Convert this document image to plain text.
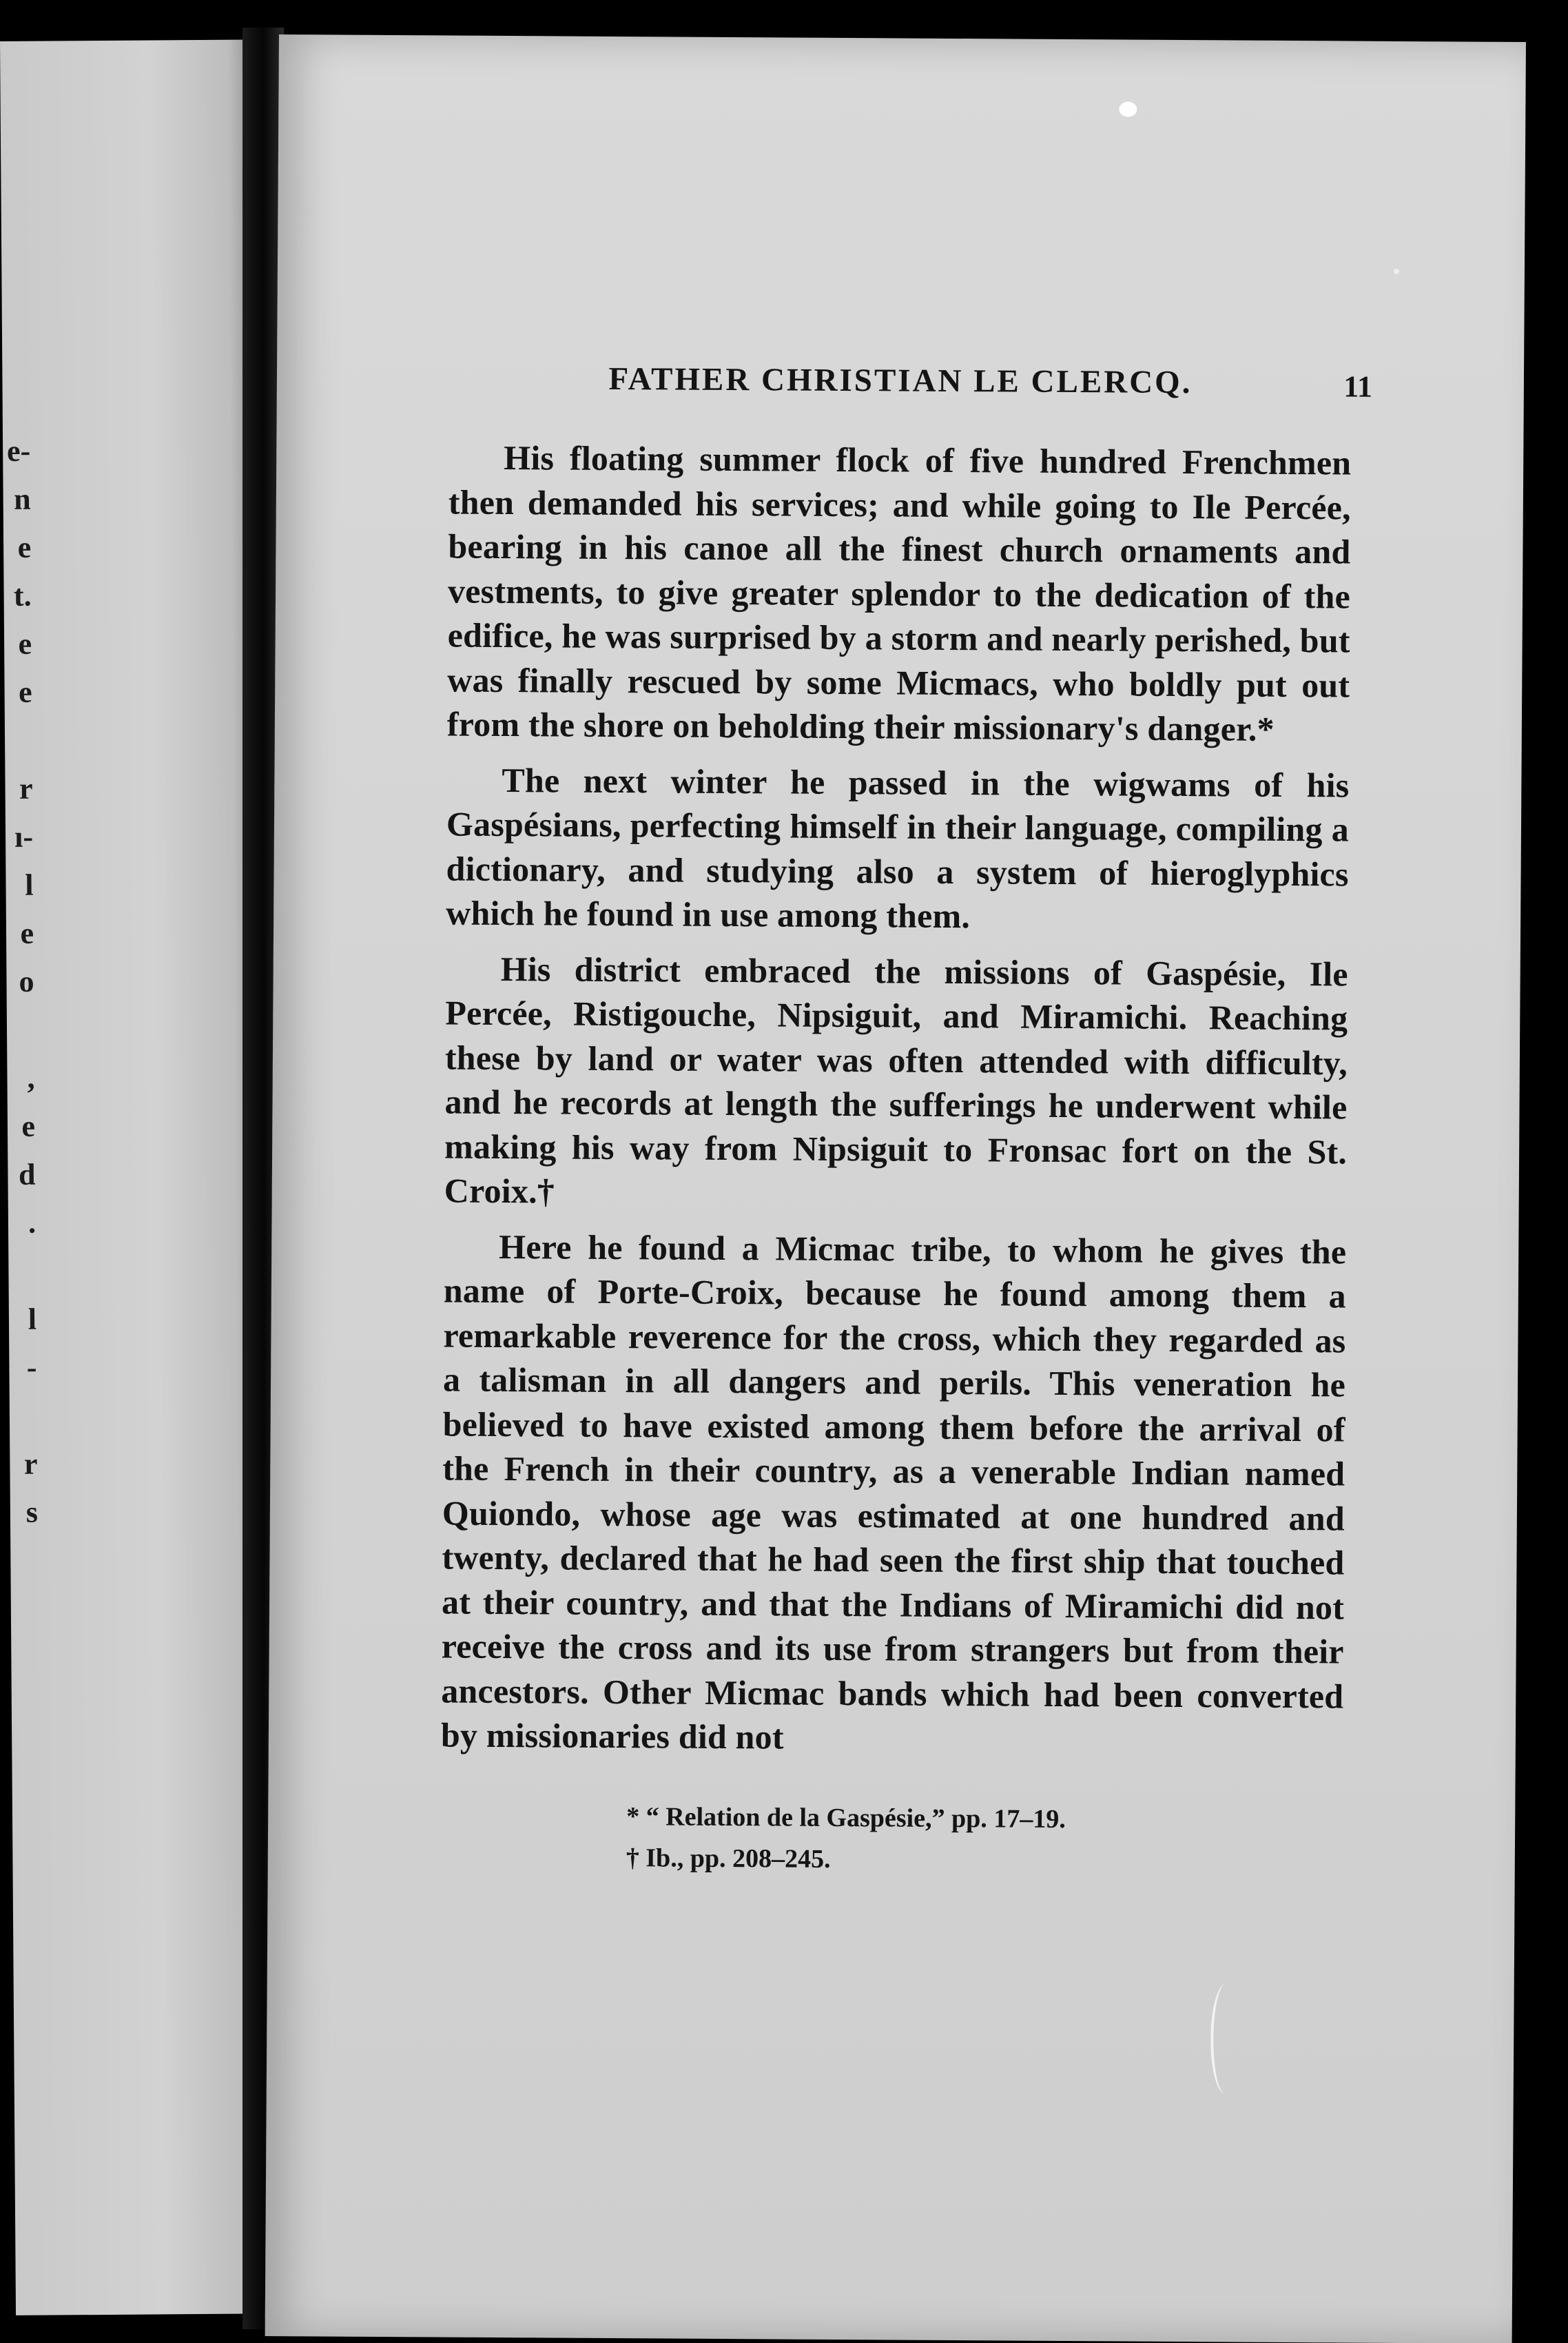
e-
n
e
t.
e
e

r
ı-
l
e
o

,
e
d
.

l
-

r
s

FATHER CHRISTIAN LE CLERCQ.	11

His floating summer flock of five hundred Frenchmen then demanded his services; and while going to Ile Percée, bearing in his canoe all the finest church ornaments and vestments, to give greater splendor to the dedication of the edifice, he was surprised by a storm and nearly perished, but was finally rescued by some Micmacs, who boldly put out from the shore on beholding their missionary's danger.*

The next winter he passed in the wigwams of his Gaspésians, perfecting himself in their language, compiling a dictionary, and studying also a system of hieroglyphics which he found in use among them.

His district embraced the missions of Gaspésie, Ile Percée, Ristigouche, Nipsiguit, and Miramichi. Reaching these by land or water was often attended with difficulty, and he records at length the sufferings he underwent while making his way from Nipsiguit to Fronsac fort on the St. Croix.†

Here he found a Micmac tribe, to whom he gives the name of Porte-Croix, because he found among them a remarkable reverence for the cross, which they regarded as a talisman in all dangers and perils. This veneration he believed to have existed among them before the arrival of the French in their country, as a venerable Indian named Quiondo, whose age was estimated at one hundred and twenty, declared that he had seen the first ship that touched at their country, and that the Indians of Miramichi did not receive the cross and its use from strangers but from their ancestors. Other Micmac bands which had been converted by missionaries did not

* “ Relation de la Gaspésie,” pp. 17–19.

† Ib., pp. 208–245.
